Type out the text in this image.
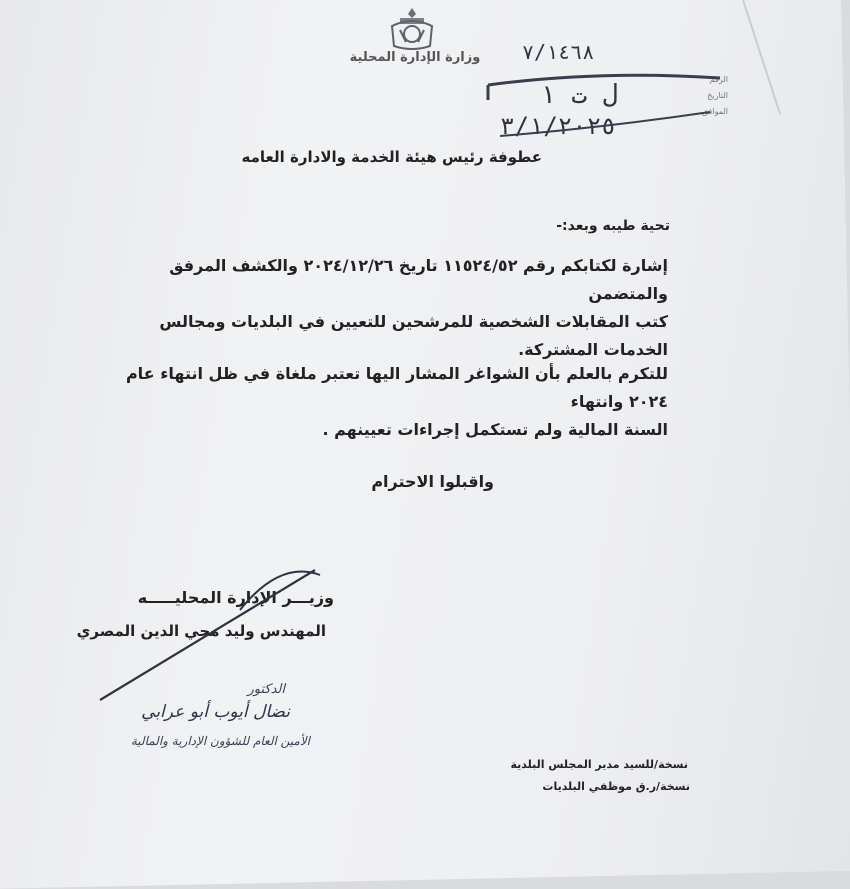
وزارة الإدارة المحلية
الرقم
التاريخ
الموافق
٧/١٤٦٨
ل ت ١
٣/١/٢٠٢٥
عطوفة رئيس هيئة الخدمة والادارة العامه
تحية طيبه وبعد:-
إشارة لكتابكم رقم ١١٥٢٤/٥٢ تاريخ ٢٠٢٤/١٢/٢٦ والكشف المرفق والمتضمن
كتب المقابلات الشخصية للمرشحين للتعيين في البلديات ومجالس الخدمات المشتركة.
للتكرم بالعلم بأن الشواغر المشار اليها تعتبر ملغاة في ظل انتهاء عام ٢٠٢٤ وانتهاء
السنة المالية ولم تستكمل إجراءات تعيينهم .
واقبلوا الاحترام
وزيـــر الإدارة المحليـــــه
المهندس وليد محي الدين المصري
الدكتور
نضال أيوب أبو عرابي
الأمين العام للشؤون الإدارية والمالية
نسخة/للسيد مدير المجلس البلدية
نسخة/ر.ق موظفي البلديات
